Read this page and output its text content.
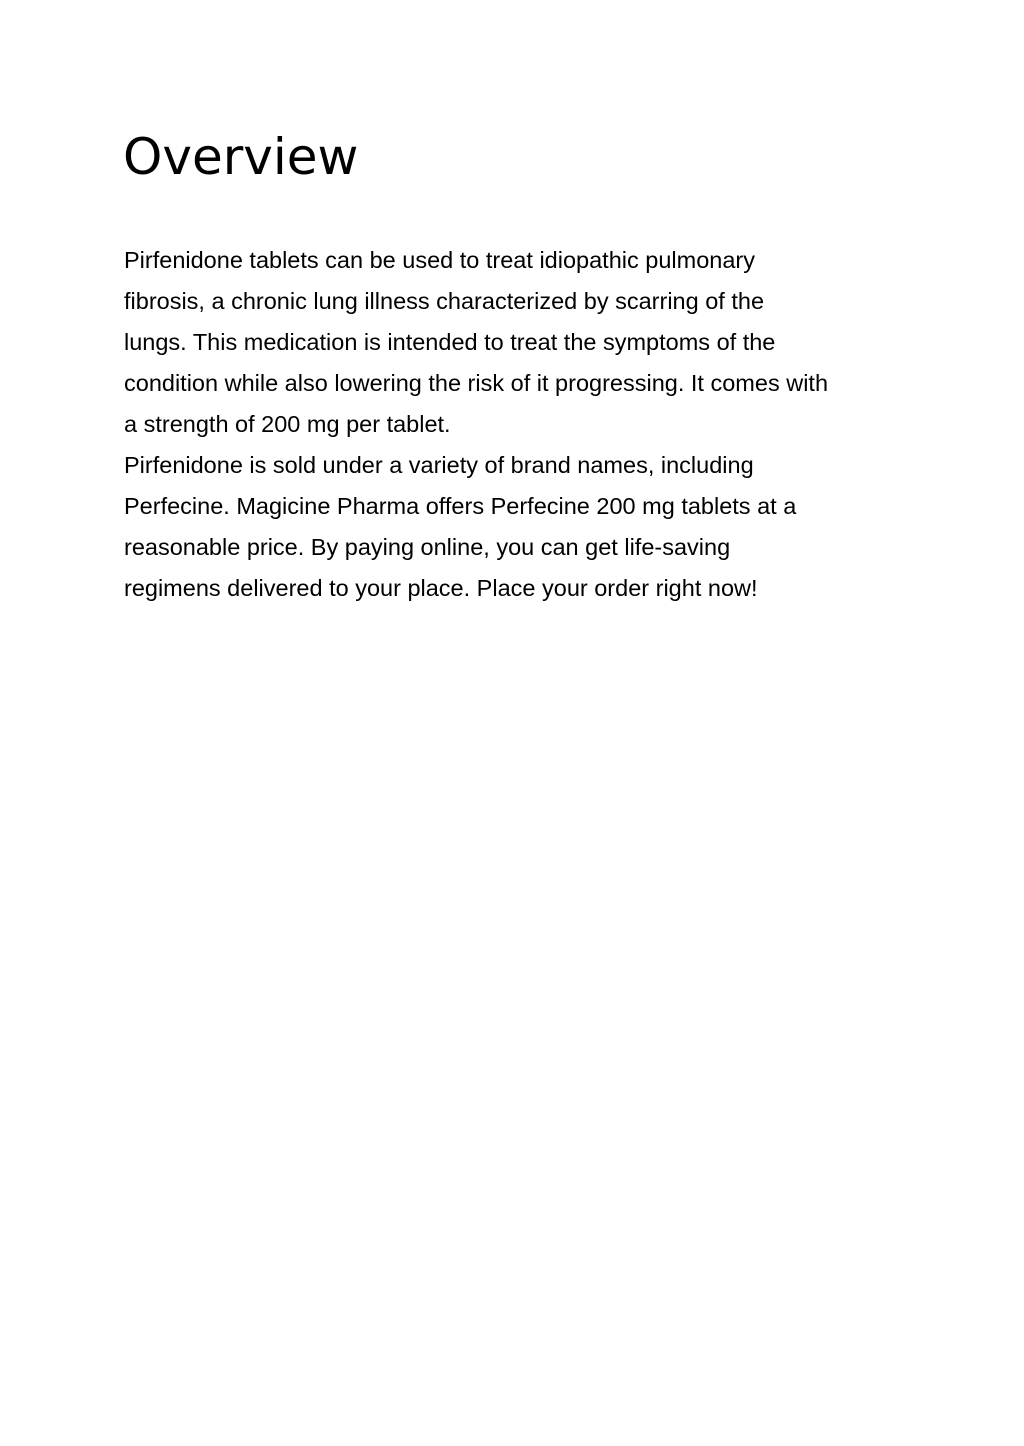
Overview
Pirfenidone tablets can be used to treat idiopathic pulmonary
fibrosis, a chronic lung illness characterized by scarring of the
lungs. This medication is intended to treat the symptoms of the
condition while also lowering the risk of it progressing. It comes with
a strength of 200 mg per tablet.
Pirfenidone is sold under a variety of brand names, including
Perfecine. Magicine Pharma offers Perfecine 200 mg tablets at a
reasonable price. By paying online, you can get life-saving
regimens delivered to your place. Place your order right now!
